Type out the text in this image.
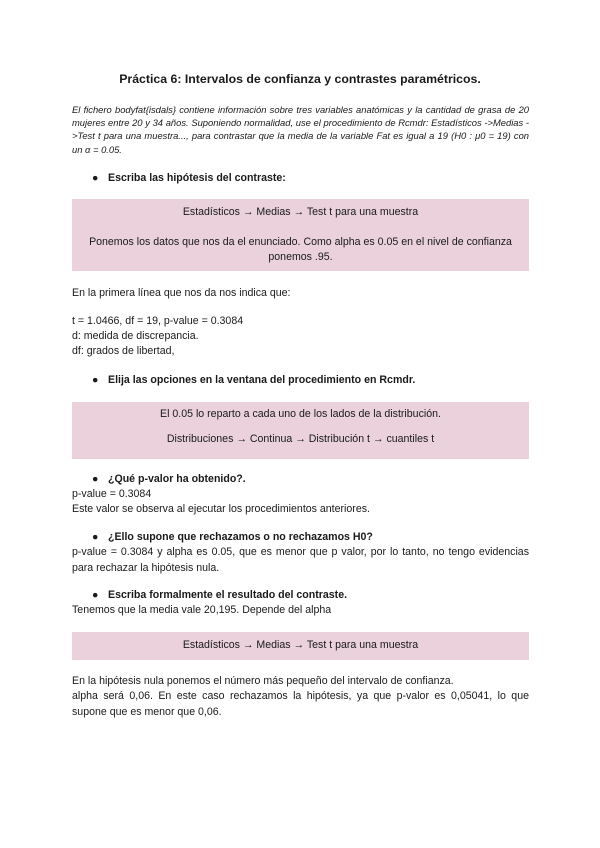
Práctica 6: Intervalos de confianza y contrastes paramétricos.

El fichero bodyfat{isdals} contiene información sobre tres variables anatómicas y la cantidad de grasa de 20 mujeres entre 20 y 34 años. Suponiendo normalidad, use el procedimiento de Rcmdr: Estadísticos ->Medias ->Test t para una muestra..., para contrastar que la media de la variable Fat es igual a 19 (H0 : μ0 = 19) con un α = 0.05.

● Escriba las hipótesis del contraste:

Estadísticos → Medias → Test t para una muestra

Ponemos los datos que nos da el enunciado. Como alpha es 0.05 en el nivel de confianza ponemos .95.

En la primera línea que nos da nos indica que:

t = 1.0466, df = 19, p-value = 0.3084

d: medida de discrepancia.

df: grados de libertad,

● Elija las opciones en la ventana del procedimiento en Rcmdr.

El 0.05 lo reparto a cada uno de los lados de la distribución.

Distribuciones → Continua → Distribución t → cuantiles t

● ¿Qué p-valor ha obtenido?.

p-value = 0.3084

Este valor se observa al ejecutar los procedimientos anteriores.

● ¿Ello supone que rechazamos o no rechazamos H0?

p-value = 0.3084 y alpha es 0.05, que es menor que p valor, por lo tanto, no tengo evidencias para rechazar la hipótesis nula.

● Escriba formalmente el resultado del contraste.

Tenemos que la media vale 20,195. Depende del alpha

Estadísticos → Medias → Test t para una muestra

En la hipótesis nula ponemos el número más pequeño del intervalo de confianza.

alpha será 0,06. En este caso rechazamos la hipótesis, ya que p-valor es 0,05041, lo que supone que es menor que 0,06.
